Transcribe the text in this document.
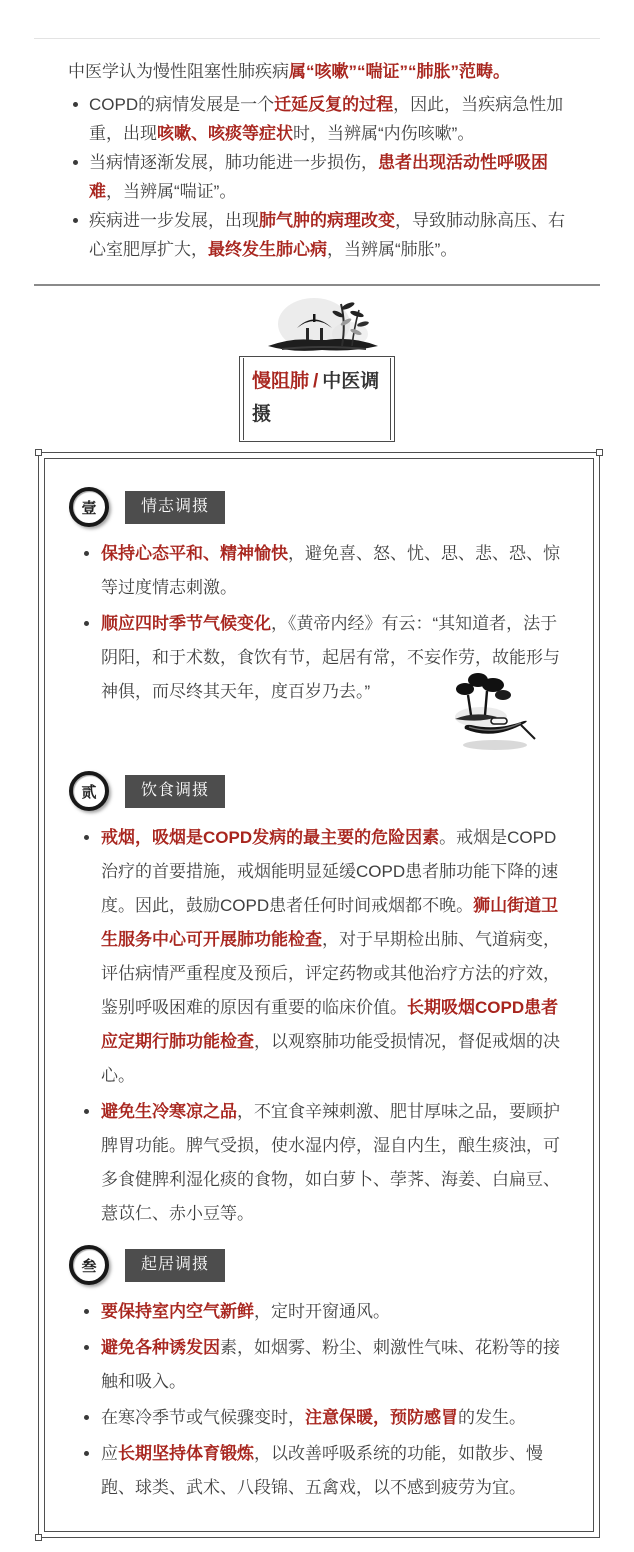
中医学认为慢性阻塞性肺疾病属“咳嗽”“喘证”“肺胀”范畴。

COPD的病情发展是一个迁延反复的过程，因此，当疾病急性加重，出现咳嗽、咳痰等症状时，当辨属“内伤咳嗽”。
当病情逐渐发展，肺功能进一步损伤，患者出现活动性呼吸困难，当辨属“喘证”。
疾病进一步发展，出现肺气肿的病理改变，导致肺动脉高压、右心室肥厚扩大，最终发生肺心病，当辨属“肺胀”。
慢阻肺 / 中医调摄
壹	情志调摄
保持心态平和、精神愉快，避免喜、怒、忧、思、悲、恐、惊等过度情志刺激。
顺应四时季节气候变化，《黄帝内经》有云：“其知道者，法于阴阳，和于术数，食饮有节，起居有常，不妄作劳，故能形与神俱，而尽终其天年，度百岁乃去。”
贰	饮食调摄
戒烟，吸烟是COPD发病的最主要的危险因素。戒烟是COPD治疗的首要措施，戒烟能明显延缓COPD患者肺功能下降的速度。因此，鼓励COPD患者任何时间戒烟都不晚。狮山街道卫生服务中心可开展肺功能检查，对于早期检出肺、气道病变，评估病情严重程度及预后，评定药物或其他治疗方法的疗效，鉴别呼吸困难的原因有重要的临床价值。长期吸烟COPD患者应定期行肺功能检查，以观察肺功能受损情况，督促戒烟的决心。
避免生冷寒凉之品，不宜食辛辣刺激、肥甘厚味之品，要顾护脾胃功能。脾气受损，使水湿内停，湿自内生，酿生痰浊，可多食健脾利湿化痰的食物，如白萝卜、荸荠、海姜、白扁豆、薏苡仁、赤小豆等。
叁	起居调摄
要保持室内空气新鲜，定时开窗通风。
避免各种诱发因素，如烟雾、粉尘、刺激性气味、花粉等的接触和吸入。
在寒冷季节或气候骤变时，注意保暖，预防感冒的发生。
应长期坚持体育锻炼，以改善呼吸系统的功能，如散步、慢跑、球类、武术、八段锦、五禽戏，以不感到疲劳为宜。
